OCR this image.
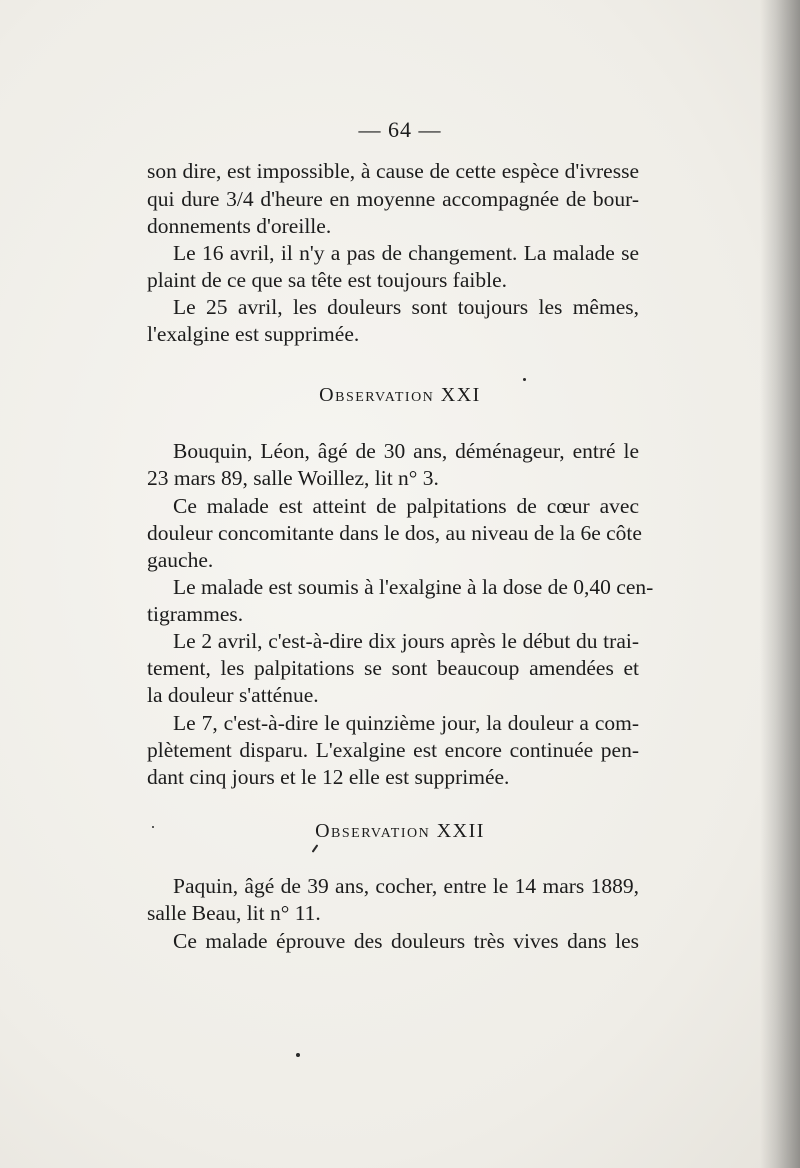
— 64 —
son dire, est impossible, à cause de cette espèce d'ivresse
qui dure 3/4 d'heure en moyenne accompagnée de bour-
donnements d'oreille.
Le 16 avril, il n'y a pas de changement. La malade se
plaint de ce que sa tête est toujours faible.
Le 25 avril, les douleurs sont toujours les mêmes,
l'exalgine est supprimée.
Observation XXI
Bouquin, Léon, âgé de 30 ans, déménageur, entré le
23 mars 89, salle Woillez, lit n° 3.
Ce malade est atteint de palpitations de cœur avec
douleur concomitante dans le dos, au niveau de la 6e côte
gauche.
Le malade est soumis à l'exalgine à la dose de 0,40 cen-
tigrammes.
Le 2 avril, c'est-à-dire dix jours après le début du trai-
tement, les palpitations se sont beaucoup amendées et
la douleur s'atténue.
Le 7, c'est-à-dire le quinzième jour, la douleur a com-
plètement disparu. L'exalgine est encore continuée pen-
dant cinq jours et le 12 elle est supprimée.
Observation XXII
Paquin, âgé de 39 ans, cocher, entre le 14 mars 1889,
salle Beau, lit n° 11.
Ce malade éprouve des douleurs très vives dans les
